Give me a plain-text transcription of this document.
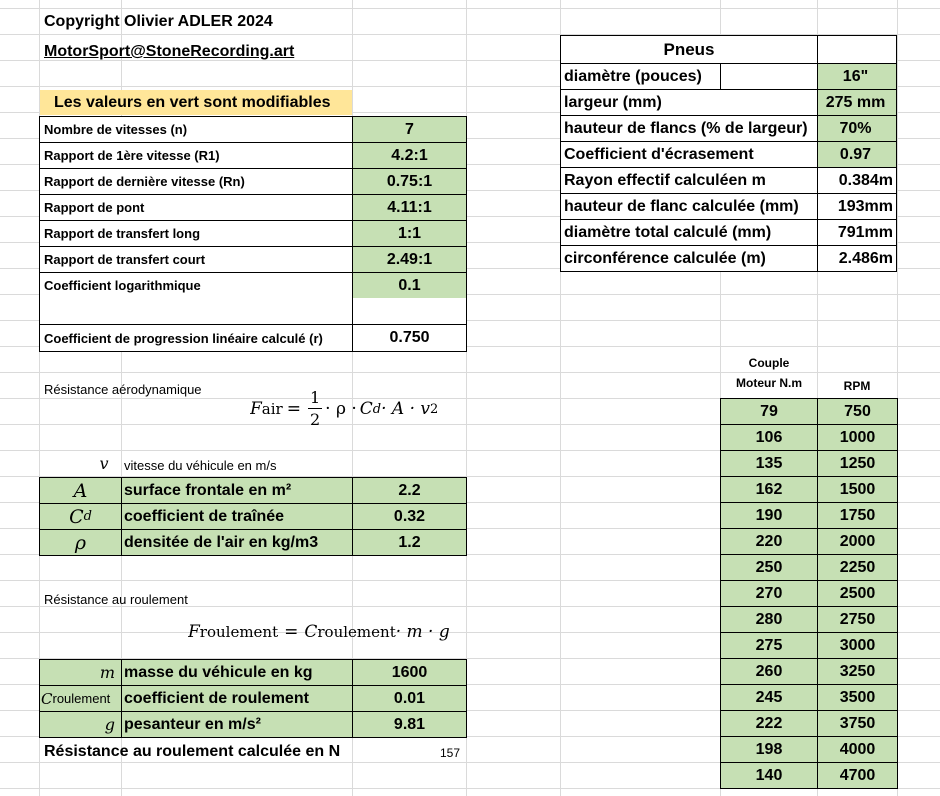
Copyright Olivier ADLER 2024
MotorSport@StoneRecording.art
Les valeurs en vert sont modifiables
Nombre de vitesses (n)	7
Rapport de 1ère vitesse (R1)	4.2:1
Rapport de dernière vitesse (Rn)	0.75:1
Rapport de pont	4.11:1
Rapport de transfert long	1:1
Rapport de transfert court	2.49:1
Coefficient logarithmique	0.1
Coefficient de progression linéaire calculé (r)	0.750
Pneus
diamètre (pouces)	16"
largeur (mm)	275 mm
hauteur de flancs (% de largeur)	70%
Coefficient d'écrasement	0.97
Rayon effectif calculéen m	0.384m
hauteur de flanc calculée (mm)	193mm
diamètre total calculé (mm)	791mm
circonférence calculée (m)	2.486m
Résistance aérodynamique
F air = $\frac{1}{2} \cdot \rho \cdot C$ d · A · v 2
v	vitesse du véhicule en m/s
A surface frontale en m²	2.2
C d coefficient de traînée	0.32
ρ densitée de l'air en kg/m3	1.2
Résistance au roulement
F roulement = C roulement · m · g
m masse du véhicule en kg	1600
C roulement coefficient de roulement	0.01
g pesanteur en m/s²	9.81
Résistance au roulement calculée en N	157
Couple
Moteur N.m	RPM
79	750
106	1000
135	1250
162	1500
190	1750
220	2000
250	2250
270	2500
280	2750
275	3000
260	3250
245	3500
222	3750
198	4000
140	4700
